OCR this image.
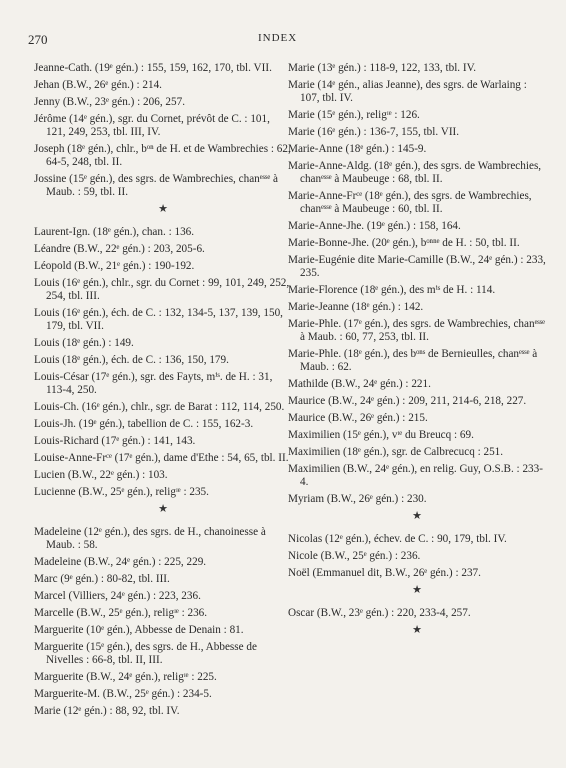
270	INDEX

Jeanne-Cath. (19ᵉ gén.) : 155, 159, 162, 170, tbl. VII.

Jehan (B.W., 26ᵉ gén.) : 214.

Jenny (B.W., 23ᵉ gén.) : 206, 257.

Jérôme (14ᵉ gén.), sgr. du Cornet, prévôt de C. : 101, 121, 249, 253, tbl. III, IV.

Joseph (18ᵉ gén.), chlr., bᵒⁿ de H. et de Wambrechies : 62, 64-5, 248, tbl. II.

Jossine (15ᵉ gén.), des sgrs. de Wambrechies, chanᵉˢˢᵉ à Maub. : 59, tbl. II.

★

Laurent-Ign. (18ᵉ gén.), chan. : 136.

Léandre (B.W., 22ᵉ gén.) : 203, 205-6.

Léopold (B.W., 21ᵉ gén.) : 190-192.

Louis (16ᵉ gén.), chlr., sgr. du Cornet : 99, 101, 249, 252, 254, tbl. III.

Louis (16ᵉ gén.), éch. de C. : 132, 134-5, 137, 139, 150, 179, tbl. VII.

Louis (18ᵉ gén.) : 149.

Louis (18ᵉ gén.), éch. de C. : 136, 150, 179.

Louis-César (17ᵉ gén.), sgr. des Fayts, mⁱˢ. de H. : 31, 113-4, 250.

Louis-Ch. (16ᵉ gén.), chlr., sgr. de Barat : 112, 114, 250.

Louis-Jh. (19ᵉ gén.), tabellion de C. : 155, 162-3.

Louis-Richard (17ᵉ gén.) : 141, 143.

Louise-Anne-Frᶜᵉ (17ᵉ gén.), dame d'Ethe : 54, 65, tbl. II.

Lucien (B.W., 22ᵉ gén.) : 103.

Lucienne (B.W., 25ᵉ gén.), religᶦᵉ : 235.

★

Madeleine (12ᵉ gén.), des sgrs. de H., chanoinesse à Maub. : 58.

Madeleine (B.W., 24ᵉ gén.) : 225, 229.

Marc (9ᵉ gén.) : 80-82, tbl. III.

Marcel (Villiers, 24ᵉ gén.) : 223, 236.

Marcelle (B.W., 25ᵉ gén.), religᶦᵉ : 236.

Marguerite (10ᵉ gén.), Abbesse de Denain : 81.

Marguerite (15ᵉ gén.), des sgrs. de H., Abbesse de Nivelles : 66-8, tbl. II, III.

Marguerite (B.W., 24ᵉ gén.), religᶦᵉ : 225.

Marguerite-M. (B.W., 25ᵉ gén.) : 234-5.

Marie (12ᵉ gén.) : 88, 92, tbl. IV.

Marie (13ᵉ gén.) : 118-9, 122, 133, tbl. IV.

Marie (14ᵉ gén., alias Jeanne), des sgrs. de Warlaing : 107, tbl. IV.

Marie (15ᵉ gén.), religᶦᵉ : 126.

Marie (16ᵉ gén.) : 136-7, 155, tbl. VII.

Marie-Anne (18ᵉ gén.) : 145-9.

Marie-Anne-Aldg. (18ᵉ gén.), des sgrs. de Wambrechies, chanᵉˢˢᵉ à Maubeuge : 68, tbl. II.

Marie-Anne-Frᶜᵉ (18ᵉ gén.), des sgrs. de Wambrechies, chanᵉˢˢᵉ à Maubeuge : 60, tbl. II.

Marie-Anne-Jhe. (19ᵉ gén.) : 158, 164.

Marie-Bonne-Jhe. (20ᵉ gén.), bᵒⁿⁿᵉ de H. : 50, tbl. II.

Marie-Eugénie dite Marie-Camille (B.W., 24ᵉ gén.) : 233, 235.

Marie-Florence (18ᵉ gén.), des mⁱˢ de H. : 114.

Marie-Jeanne (18ᵉ gén.) : 142.

Marie-Phle. (17ᵉ gén.), des sgrs. de Wambrechies, chanᵉˢˢᵉ à Maub. : 60, 77, 253, tbl. II.

Marie-Phle. (18ᵉ gén.), des bᵒⁿˢ de Bernieulles, chanᵉˢˢᵉ à Maub. : 62.

Mathilde (B.W., 24ᵉ gén.) : 221.

Maurice (B.W., 24ᵉ gén.) : 209, 211, 214-6, 218, 227.

Maurice (B.W., 26ᵉ gén.) : 215.

Maximilien (15ᵉ gén.), vᶦᵉ du Breucq : 69.

Maximilien (18ᵉ gén.), sgr. de Calbrecucq : 251.

Maximilien (B.W., 24ᵉ gén.), en relig. Guy, O.S.B. : 233-4.

Myriam (B.W., 26ᵉ gén.) : 230.

★

Nicolas (12ᵉ gén.), échev. de C. : 90, 179, tbl. IV.

Nicole (B.W., 25ᵉ gén.) : 236.

Noël (Emmanuel dit, B.W., 26ᵉ gén.) : 237.

★

Oscar (B.W., 23ᵉ gén.) : 220, 233-4, 257.

★
